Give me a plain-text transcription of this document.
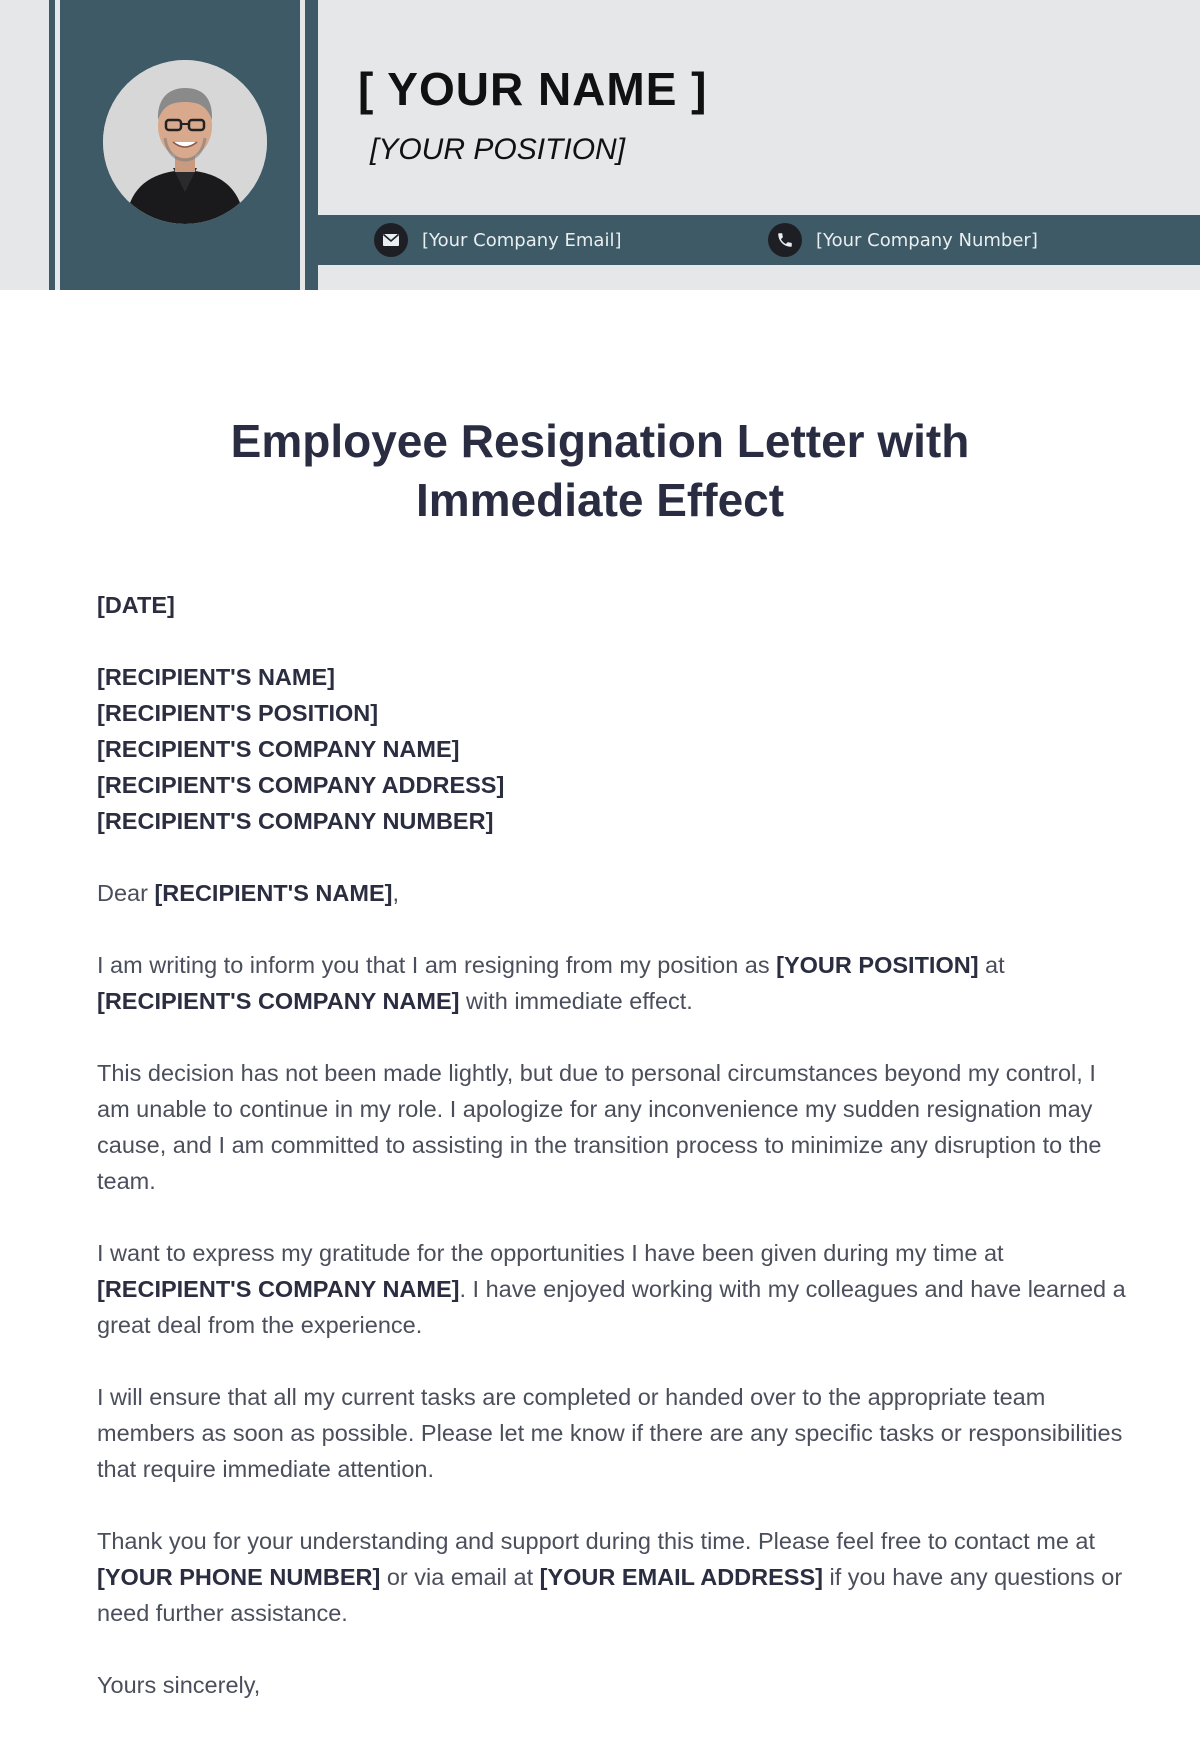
[ YOUR NAME ]
[YOUR POSITION]
[Your Company Email]	[Your Company Number]
Employee Resignation Letter with
Immediate Effect

[DATE]

[RECIPIENT'S NAME]
[RECIPIENT'S POSITION]
[RECIPIENT'S COMPANY NAME]
[RECIPIENT'S COMPANY ADDRESS]
[RECIPIENT'S COMPANY NUMBER]

Dear [RECIPIENT'S NAME],

I am writing to inform you that I am resigning from my position as [YOUR POSITION] at [RECIPIENT'S COMPANY NAME] with immediate effect.

This decision has not been made lightly, but due to personal circumstances beyond my control, I am unable to continue in my role. I apologize for any inconvenience my sudden resignation may cause, and I am committed to assisting in the transition process to minimize any disruption to the team.

I want to express my gratitude for the opportunities I have been given during my time at [RECIPIENT'S COMPANY NAME]. I have enjoyed working with my colleagues and have learned a great deal from the experience.

I will ensure that all my current tasks are completed or handed over to the appropriate team members as soon as possible. Please let me know if there are any specific tasks or responsibilities that require immediate attention.

Thank you for your understanding and support during this time. Please feel free to contact me at [YOUR PHONE NUMBER] or via email at [YOUR EMAIL ADDRESS] if you have any questions or need further assistance.

Yours sincerely,
